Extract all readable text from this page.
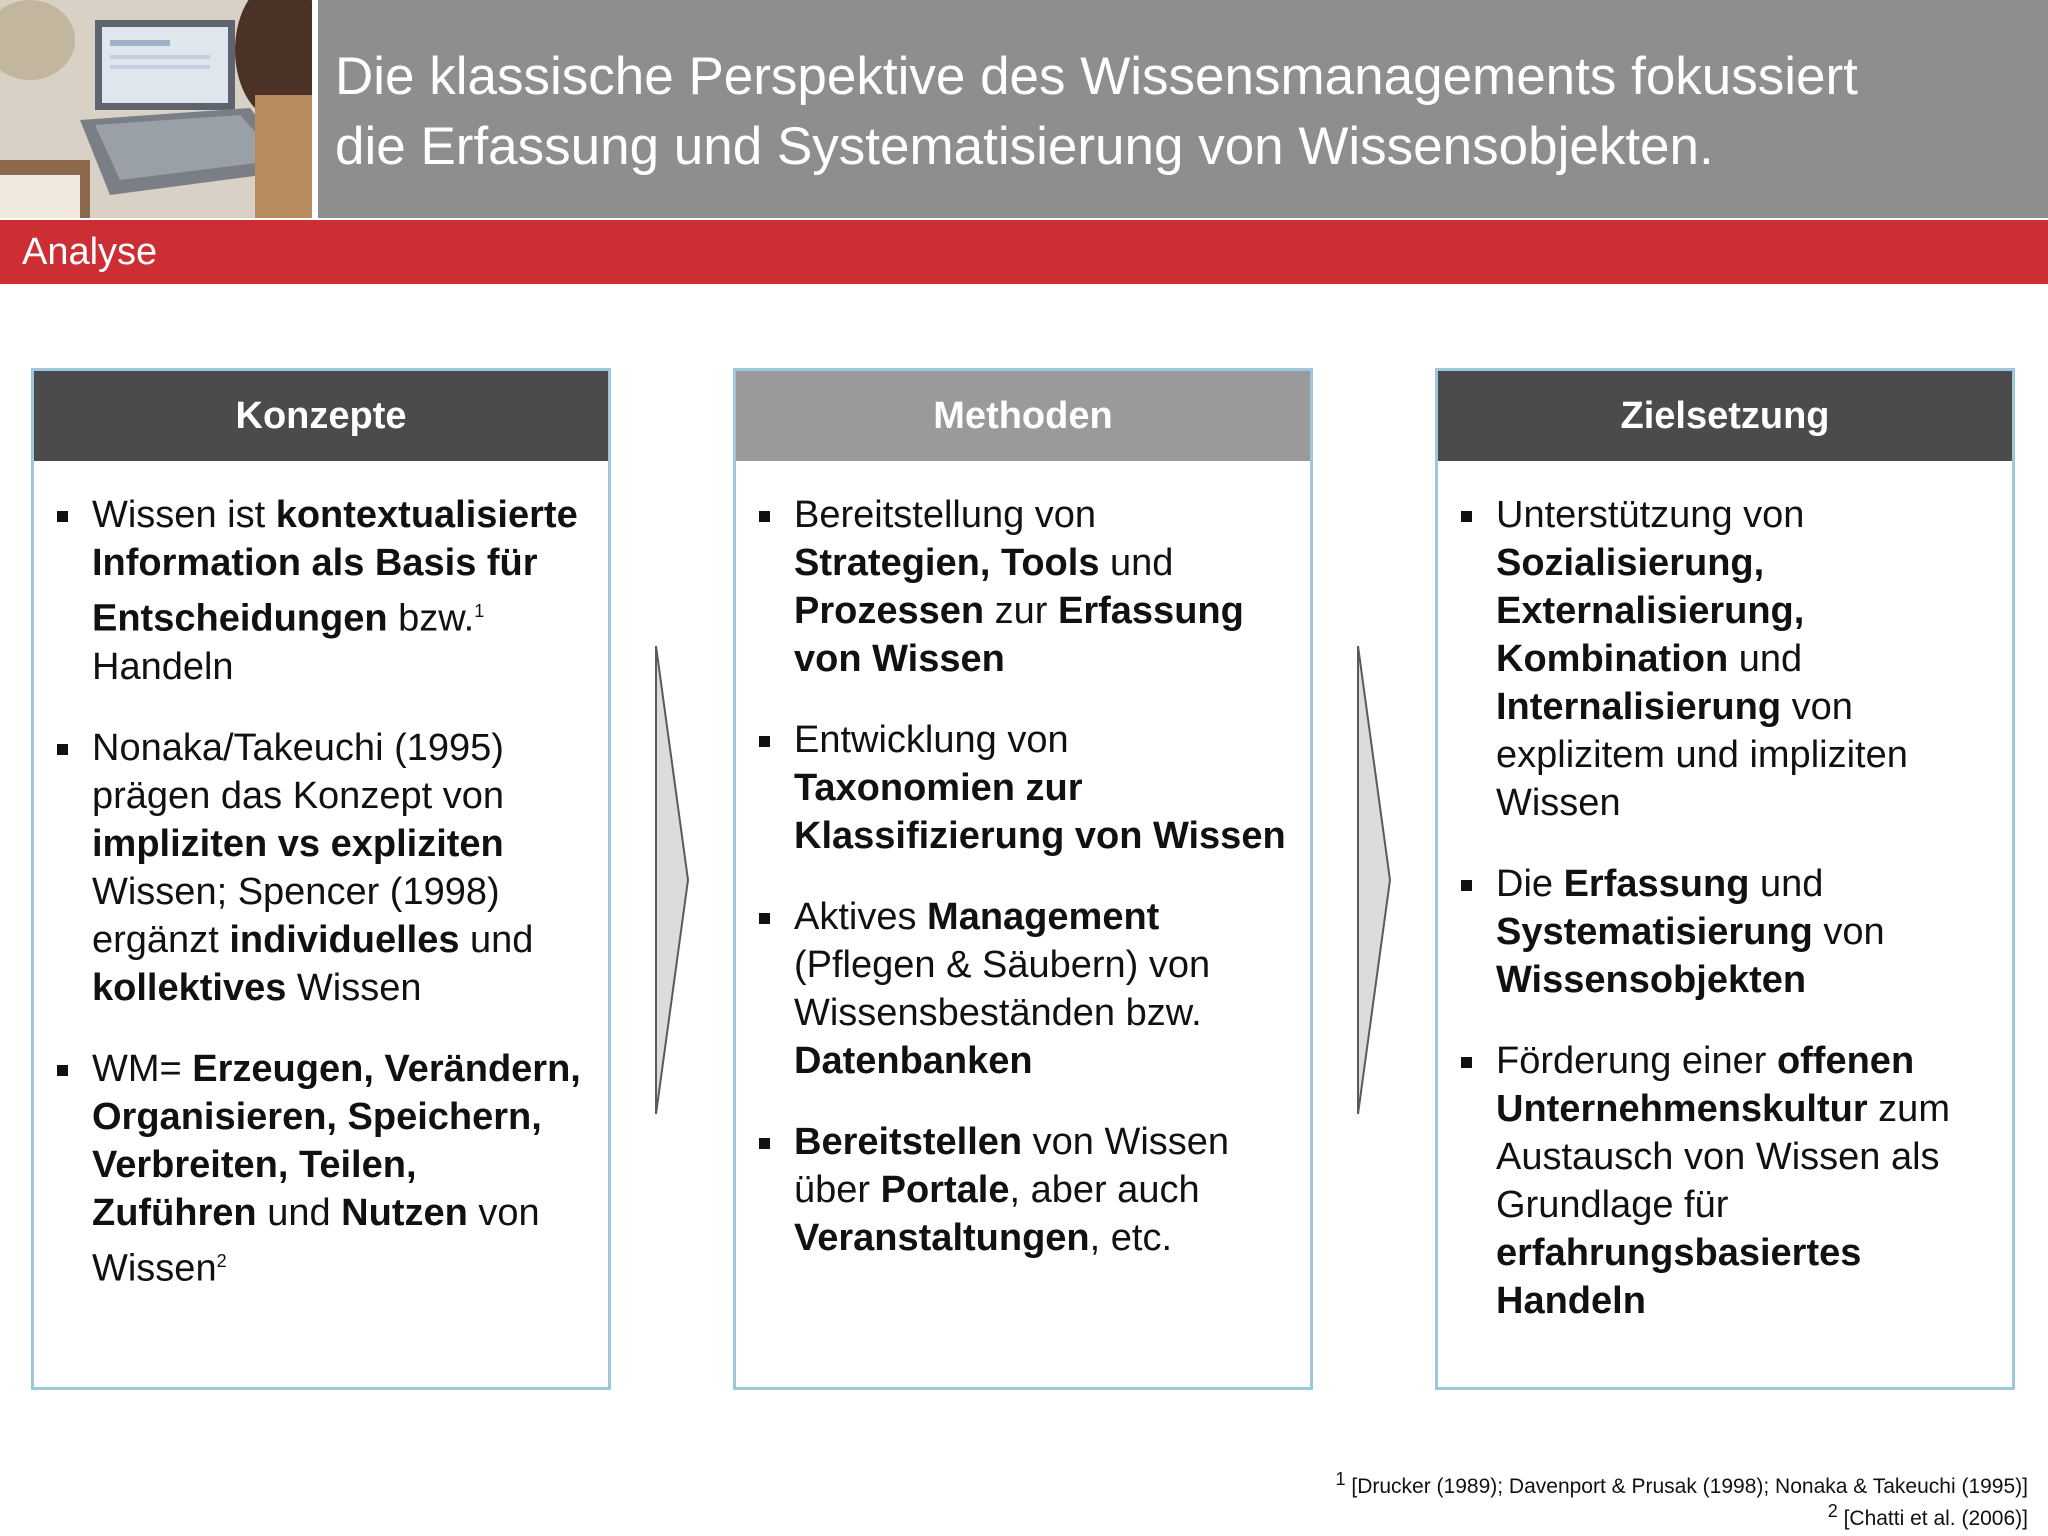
Die klassische Perspektive des Wissensmanagements fokussiert
die Erfassung und Systematisierung von Wissensobjekten.
Analyse
Konzepte
Wissen ist kontextualisierte Information als Basis für Entscheidungen bzw.$^1$ Handeln
Nonaka/Takeuchi (1995) prägen das Konzept von impliziten vs expliziten Wissen; Spencer (1998) ergänzt individuelles und kollektives Wissen
WM= Erzeugen, Verändern, Organisieren, Speichern, Verbreiten, Teilen, Zuführen und Nutzen von Wissen$^2$
Methoden
Bereitstellung von Strategien, Tools und Prozessen zur Erfassung von Wissen
Entwicklung von Taxonomien zur Klassifizierung von Wissen
Aktives Management (Pflegen & Säubern) von Wissensbeständen bzw. Datenbanken
Bereitstellen von Wissen über Portale, aber auch Veranstaltungen, etc.
Zielsetzung
Unterstützung von Sozialisierung, Externalisierung, Kombination und Internalisierung von explizitem und impliziten Wissen
Die Erfassung und Systematisierung von Wissensobjekten
Förderung einer offenen Unternehmenskultur zum Austausch von Wissen als Grundlage für erfahrungsbasiertes Handeln
1 [Drucker (1989); Davenport & Prusak (1998); Nonaka & Takeuchi (1995)]
2 [Chatti et al. (2006)]
